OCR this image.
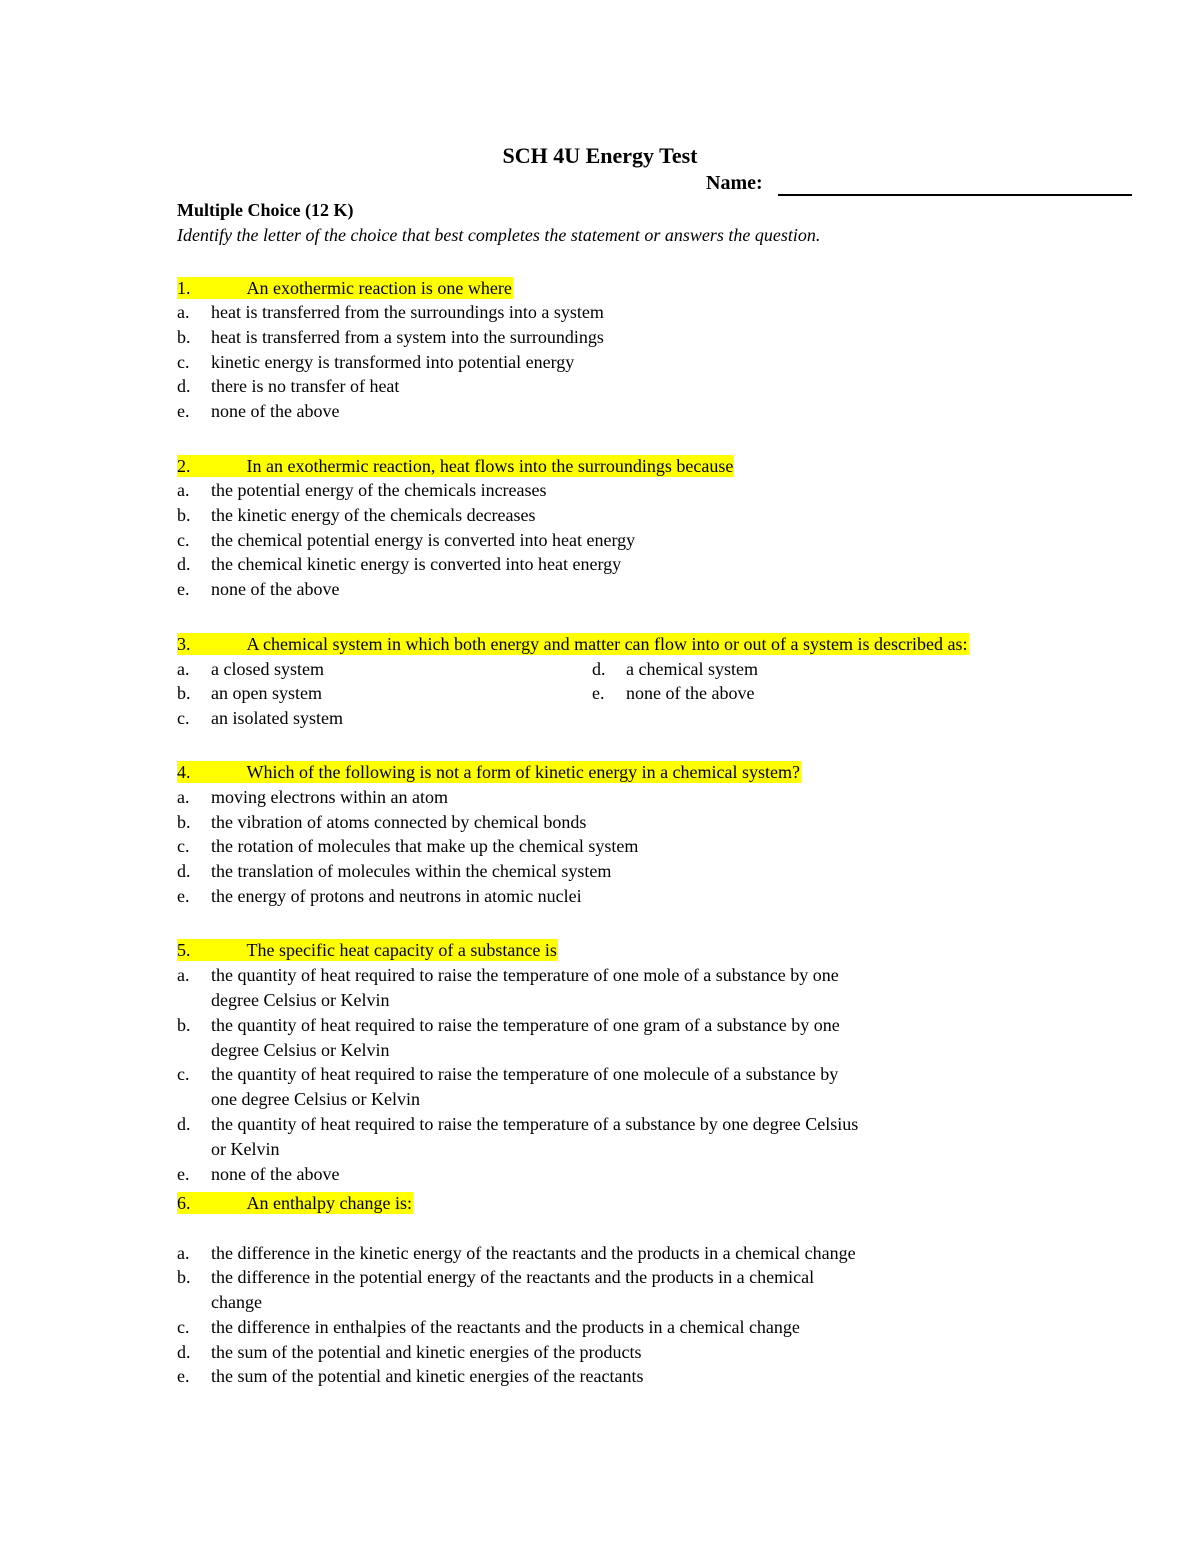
SCH 4U Energy Test
Name:
Multiple Choice (12 K)
Identify the letter of the choice that best completes the statement or answers the question.
1.	An exothermic reaction is one where
a. heat is transferred from the surroundings into a system
b. heat is transferred from a system into the surroundings
c. kinetic energy is transformed into potential energy
d. there is no transfer of heat
e. none of the above
2.	In an exothermic reaction, heat flows into the surroundings because
a. the potential energy of the chemicals increases
b. the kinetic energy of the chemicals decreases
c. the chemical potential energy is converted into heat energy
d. the chemical kinetic energy is converted into heat energy
e. none of the above
3.	A chemical system in which both energy and matter can flow into or out of a system is described as:
a. a closed system
b. an open system
c. an isolated system
d. a chemical system
e. none of the above
4.	Which of the following is not a form of kinetic energy in a chemical system?
a. moving electrons within an atom
b. the vibration of atoms connected by chemical bonds
c. the rotation of molecules that make up the chemical system
d. the translation of molecules within the chemical system
e. the energy of protons and neutrons in atomic nuclei
5.	The specific heat capacity of a substance is
a. the quantity of heat required to raise the temperature of one mole of a substance by one
degree Celsius or Kelvin
b. the quantity of heat required to raise the temperature of one gram of a substance by one
degree Celsius or Kelvin
c. the quantity of heat required to raise the temperature of one molecule of a substance by
one degree Celsius or Kelvin
d. the quantity of heat required to raise the temperature of a substance by one degree Celsius
or Kelvin
e. none of the above
6.	An enthalpy change is:
a. the difference in the kinetic energy of the reactants and the products in a chemical change
b. the difference in the potential energy of the reactants and the products in a chemical
change
c. the difference in enthalpies of the reactants and the products in a chemical change
d. the sum of the potential and kinetic energies of the products
e. the sum of the potential and kinetic energies of the reactants
